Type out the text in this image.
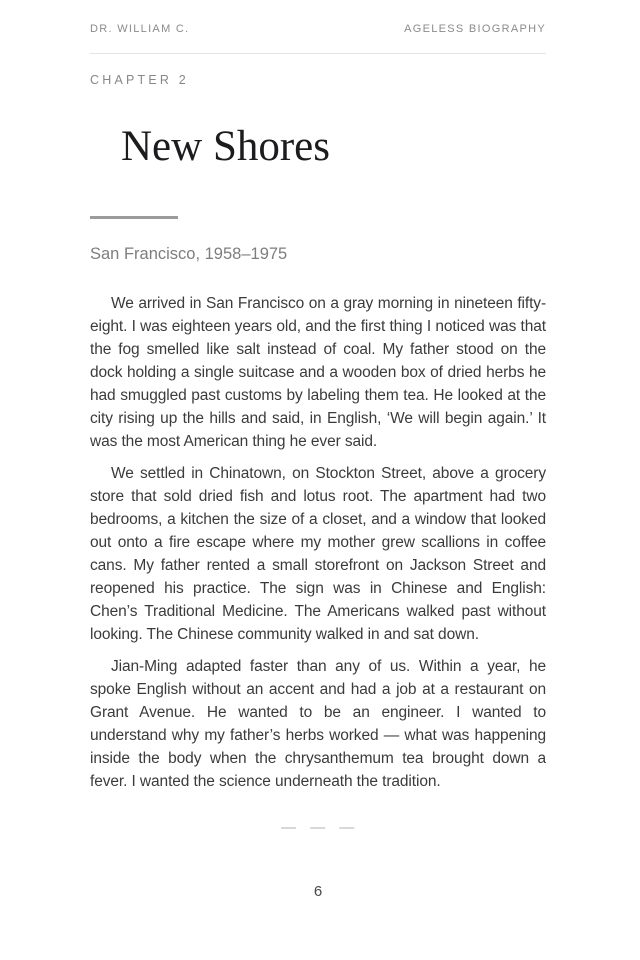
DR. WILLIAM C.	AGELESS BIOGRAPHY
CHAPTER 2
New Shores
San Francisco, 1958–1975

We arrived in San Francisco on a gray morning in nineteen fifty-eight. I was eighteen years old, and the first thing I noticed was that the fog smelled like salt instead of coal. My father stood on the dock holding a single suitcase and a wooden box of dried herbs he had smuggled past customs by labeling them tea. He looked at the city rising up the hills and said, in English, ‘We will begin again.’ It was the most American thing he ever said.

We settled in Chinatown, on Stockton Street, above a grocery store that sold dried fish and lotus root. The apartment had two bedrooms, a kitchen the size of a closet, and a window that looked out onto a fire escape where my mother grew scallions in coffee cans. My father rented a small storefront on Jackson Street and reopened his practice. The sign was in Chinese and English: Chen’s Traditional Medicine. The Americans walked past without looking. The Chinese community walked in and sat down.

Jian-Ming adapted faster than any of us. Within a year, he spoke English without an accent and had a job at a restaurant on Grant Avenue. He wanted to be an engineer. I wanted to understand why my father’s herbs worked — what was happening inside the body when the chrysanthemum tea brought down a fever. I wanted the science underneath the tradition.

— — —
6
